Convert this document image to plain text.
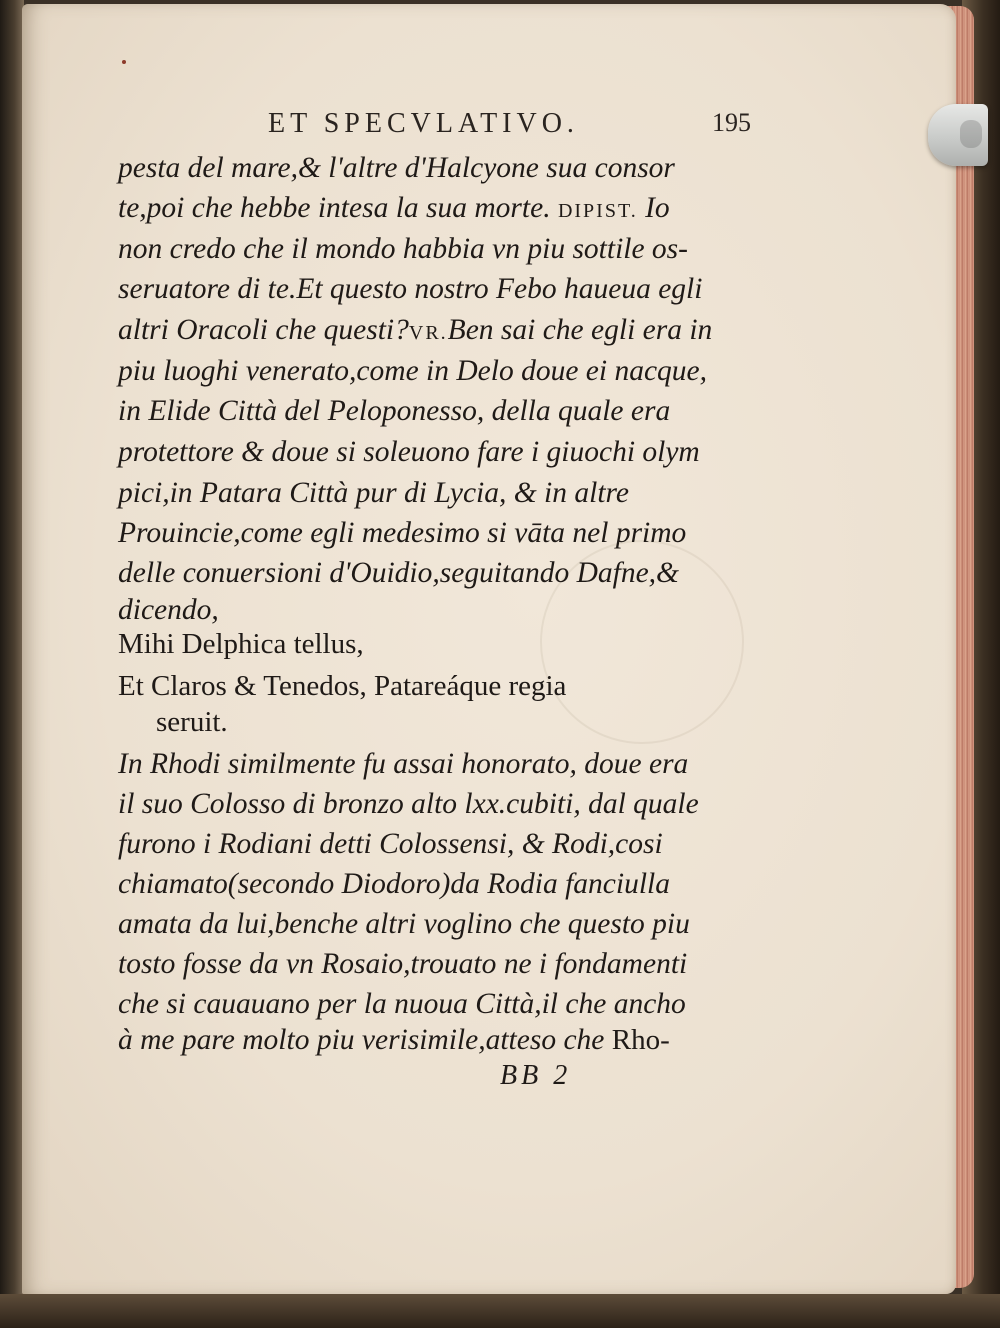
ET SPECVLATIVO.	195
pesta del mare,& l'altre d'Halcyone sua consor
te,poi che hebbe intesa la sua morte. DIPIST. Io
non credo che il mondo habbia vn piu sottile os-
seruatore di te.Et questo nostro Febo haueua egli
altri Oracoli che questi?VR.Ben sai che egli era in
piu luoghi venerato,come in Delo doue ei nacque,
in Elide Città del Peloponesso, della quale era
protettore & doue si soleuono fare i giuochi olym
pici,in Patara Città pur di Lycia, & in altre
Prouincie,come egli medesimo si vāta nel primo
delle conuersioni d'Ouidio,seguitando Dafne,&
dicendo,
Mihi Delphica tellus,
Et Claros & Tenedos, Patareáque regia
seruit.
In Rhodi similmente fu assai honorato, doue era
il suo Colosso di bronzo alto lxx.cubiti, dal quale
furono i Rodiani detti Colossensi, & Rodi,cosi
chiamato(secondo Diodoro)da Rodia fanciulla
amata da lui,benche altri voglino che questo piu
tosto fosse da vn Rosaio,trouato ne i fondamenti
che si cauauano per la nuoua Città,il che ancho
à me pare molto piu verisimile,atteso che Rho-
BB 2
